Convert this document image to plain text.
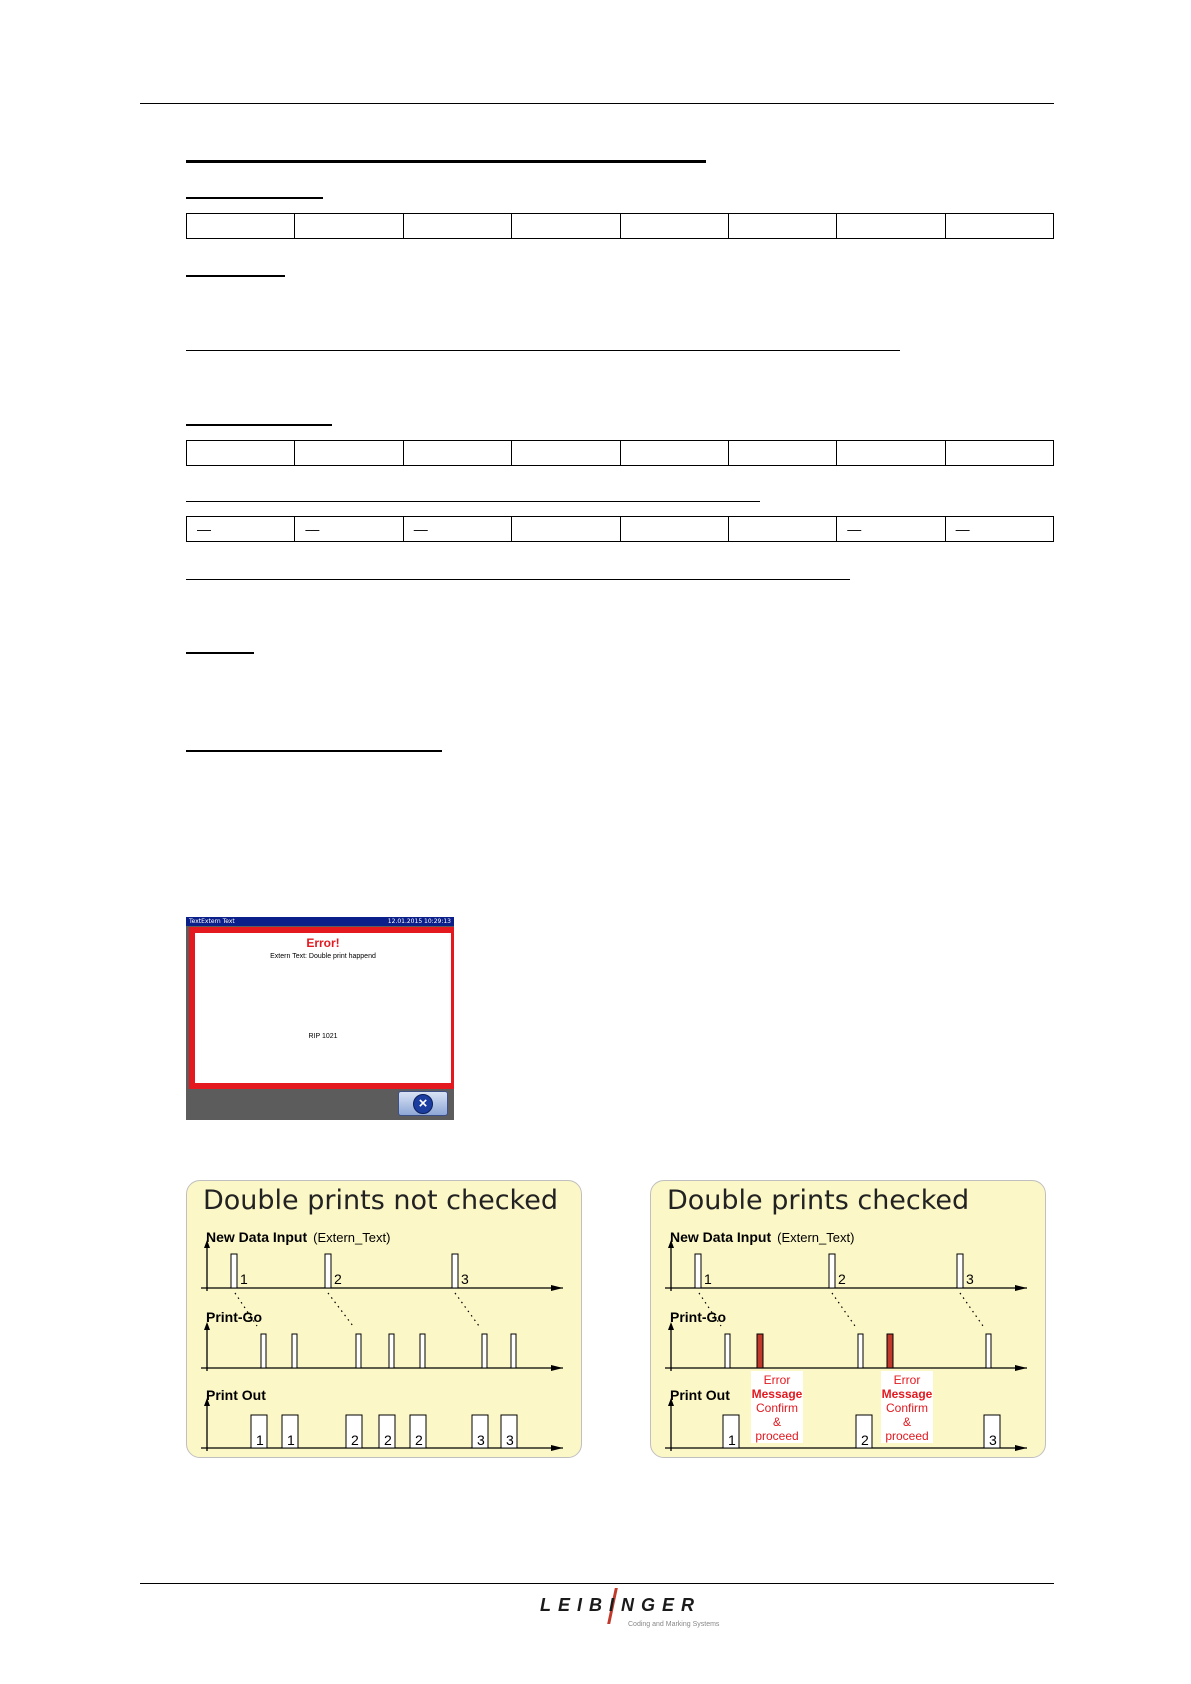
—	—	—				—	—
TextExtern Text	12.01.2015 10:29:13
Error!
Extern Text: Double print happend
RIP 1021
×
1	2	3
1 1	2 2 2	3 3
Double prints not checked
New Data Input (Extern_Text)
Print-Go
Print Out
1	2	3
1	2	3
Error
Message
Confirm
&
proceed
Error
Message
Confirm
&
proceed
Double prints checked
New Data Input (Extern_Text)
Print-Go
Print Out
LEIBINGER
Coding and Marking Systems
